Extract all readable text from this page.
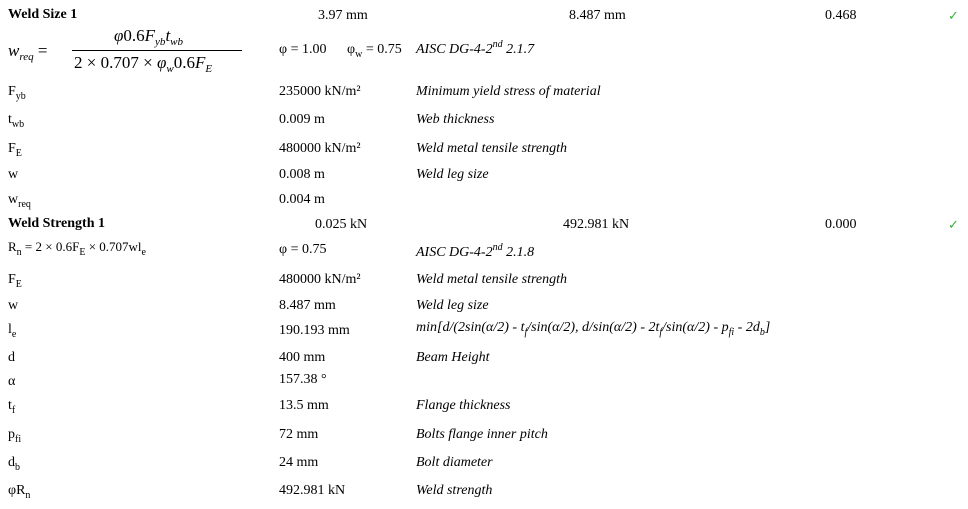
Weld Size 1	3.97 mm	8.487 mm	0.468	✓
$w_{req}$ =
$\varphi 0.6F_{yb}t_{wb}$
$2 \times 0.707 \times \varphi_w0.6F_E$
φ = 1.00 $\varphi_w = 0.75$ AISC DG-4-2nd 2.1.7
$F_{yb}$	235000 kN/m²	Minimum yield stress of material
$t_{wb}$	0.009 m	Web thickness
$F_E$	480000 kN/m²	Weld metal tensile strength
w	0.008 m	Weld leg size
$w_{req}$	0.004 m
Weld Strength 1	0.025 kN	492.981 kN	0.000	✓
$R_n = 2 \times 0.6F_E \times 0.707wl_e$	φ = 0.75	AISC DG-4-2nd 2.1.8
$F_E$	480000 kN/m²	Weld metal tensile strength
w	8.487 mm	Weld leg size
$l_e$	190.193 mm	$\min[d/(2\sin(\alpha/2) - t_f/\sin(\alpha/2)$, $d/\sin(\alpha/2) - 2t_f/\sin(\alpha/2) - p_{fi} - 2d_b$]
d	400 mm	Beam Height
α	157.38 °
$t_f$	13.5 mm	Flange thickness
$p_{fi}$	72 mm	Bolts flange inner pitch
$d_b$	24 mm	Bolt diameter
$\varphi R_n$	492.981 kN	Weld strength
